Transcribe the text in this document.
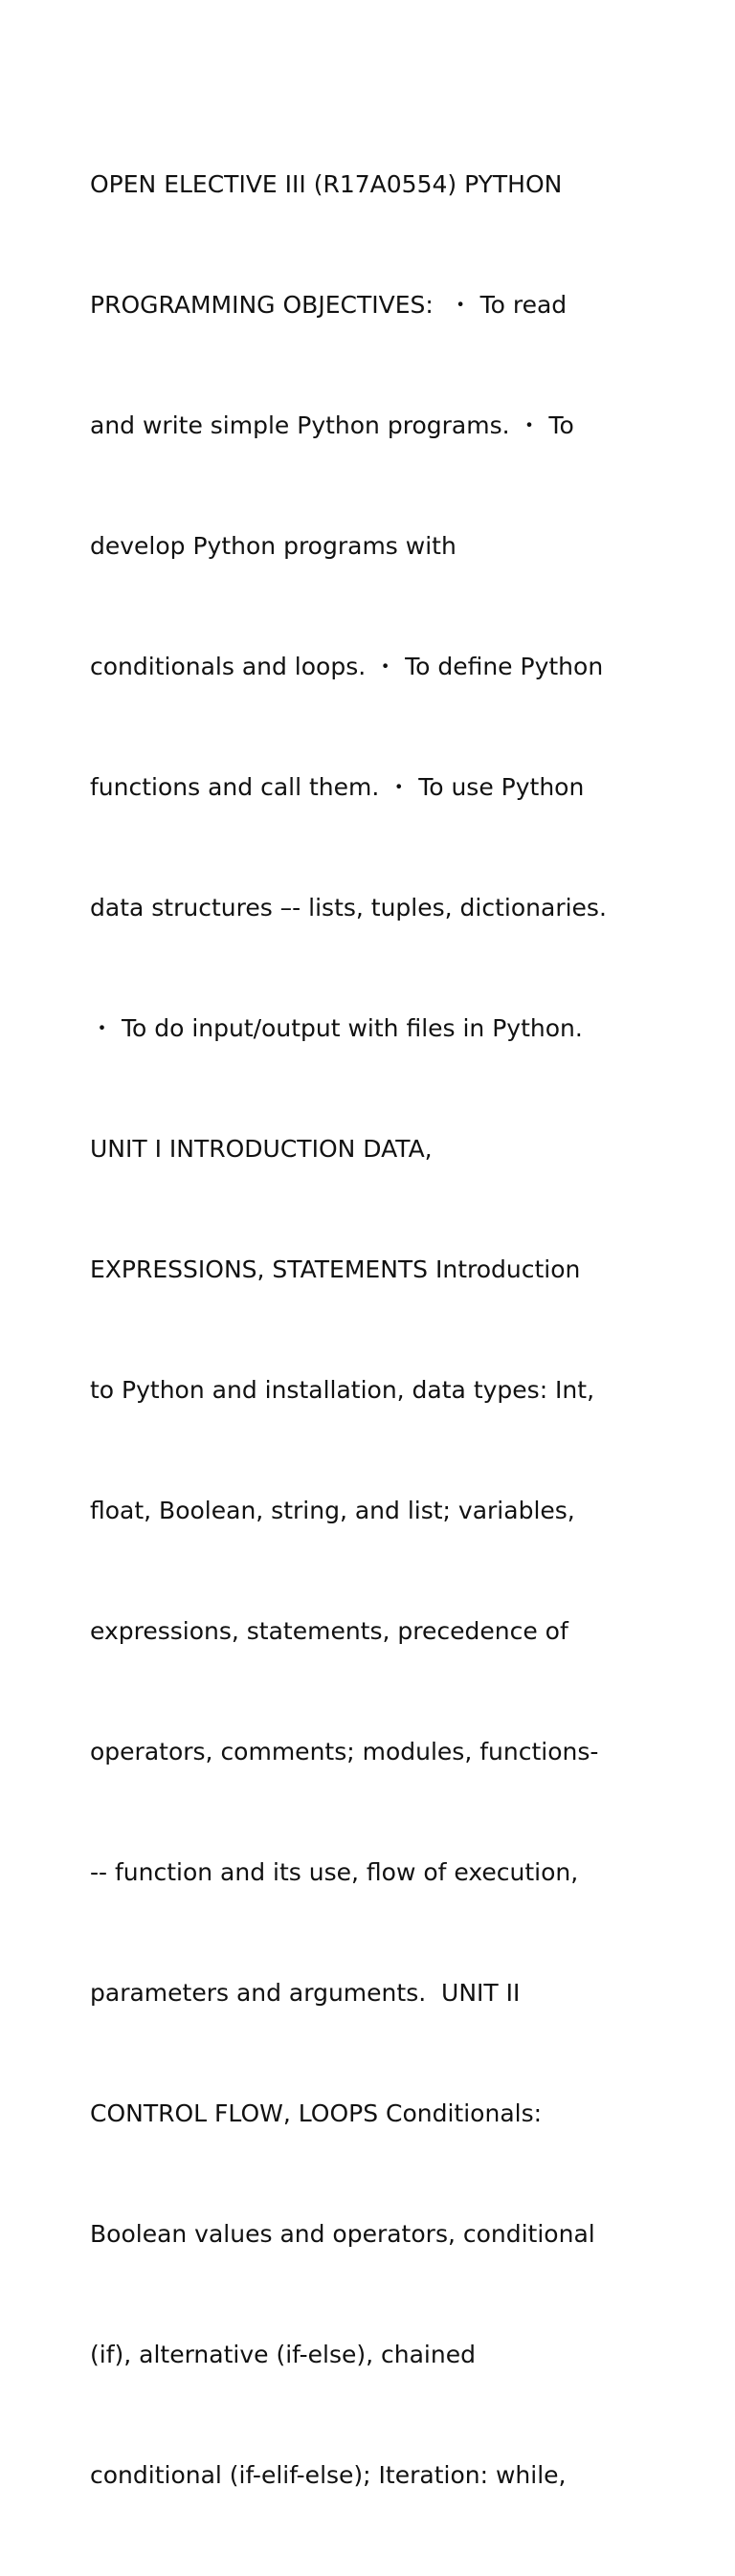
OPEN ELECTIVE III (R17A0554) PYTHON

PROGRAMMING OBJECTIVES:  ・ To read

and write simple Python programs. ・ To

develop Python programs with

conditionals and loops. ・ To define Python

functions and call them. ・ To use Python

data structures –- lists, tuples, dictionaries.

・ To do input/output with files in Python.

UNIT I INTRODUCTION DATA,

EXPRESSIONS, STATEMENTS Introduction

to Python and installation, data types: Int,

float, Boolean, string, and list; variables,

expressions, statements, precedence of

operators, comments; modules, functions-

-- function and its use, flow of execution,

parameters and arguments.  UNIT II

CONTROL FLOW, LOOPS Conditionals:

Boolean values and operators, conditional

(if), alternative (if-else), chained

conditional (if-elif-else); Iteration: while,
